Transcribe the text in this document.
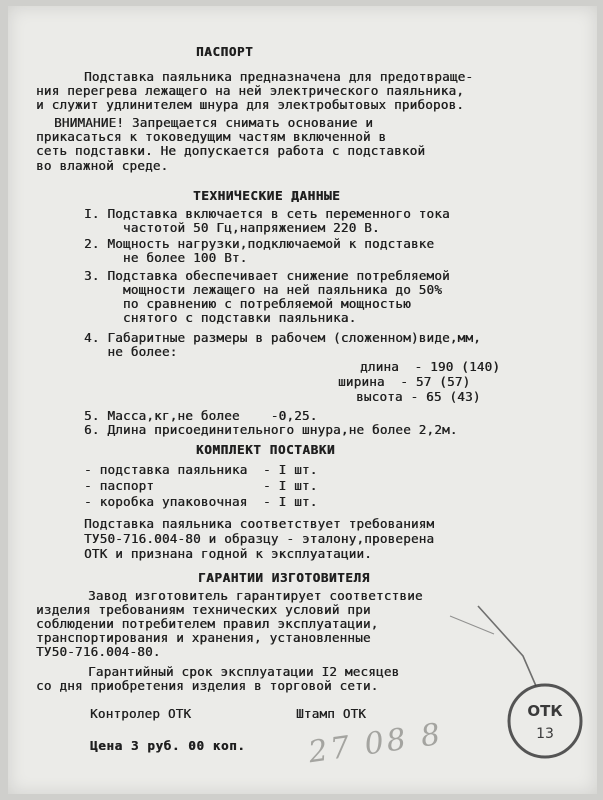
ПАСПОРТ
Подставка паяльника предназначена для предотвраще-
ния перегрева лежащего на ней электрического паяльника,
и служит удлинителем шнура для электробытовых приборов.
ВНИМАНИЕ! Запрещается снимать основание и
прикасаться к токоведущим частям включенной в
сеть подставки. Не допускается работа с подставкой
во влажной среде.
ТЕХНИЧЕСКИЕ ДАННЫЕ
I. Подставка включается в сеть переменного тока
частотой 50 Гц,напряжением 220 В.
2. Мощность нагрузки,подключаемой к подставке
не более 100 Вт.
3. Подставка обеспечивает снижение потребляемой
мощности лежащего на ней паяльника до 50%
по сравнению с потребляемой мощностью
снятого с подставки паяльника.
4. Габаритные размеры в рабочем (сложенном)виде,мм,
не более:
длина  - 190 (140)
ширина  - 57 (57)
высота - 65 (43)
5. Масса,кг,не более    -0,25.
6. Длина присоединительного шнура,не более 2,2м.
КОМПЛЕКТ ПОСТАВКИ
- подставка паяльника  - I шт.
- паспорт              - I шт.
- коробка упаковочная  - I шт.
Подставка паяльника соответствует требованиям
ТУ50-716.004-80 и образцу - эталону,проверена
ОТК и признана годной к эксплуатации.
ГАРАНТИИ ИЗГОТОВИТЕЛЯ
Завод изготовитель гарантирует соответствие
изделия требованиям технических условий при
соблюдении потребителем правил эксплуатации,
транспортирования и хранения, установленные
ТУ50-716.004-80.
Гарантийный срок эксплуатации I2 месяцев
со дня приобретения изделия в торговой сети.
Контролер ОТК	Штамп ОТК
Цена 3 руб. 00 коп. 27 08 8
ОТК
13
